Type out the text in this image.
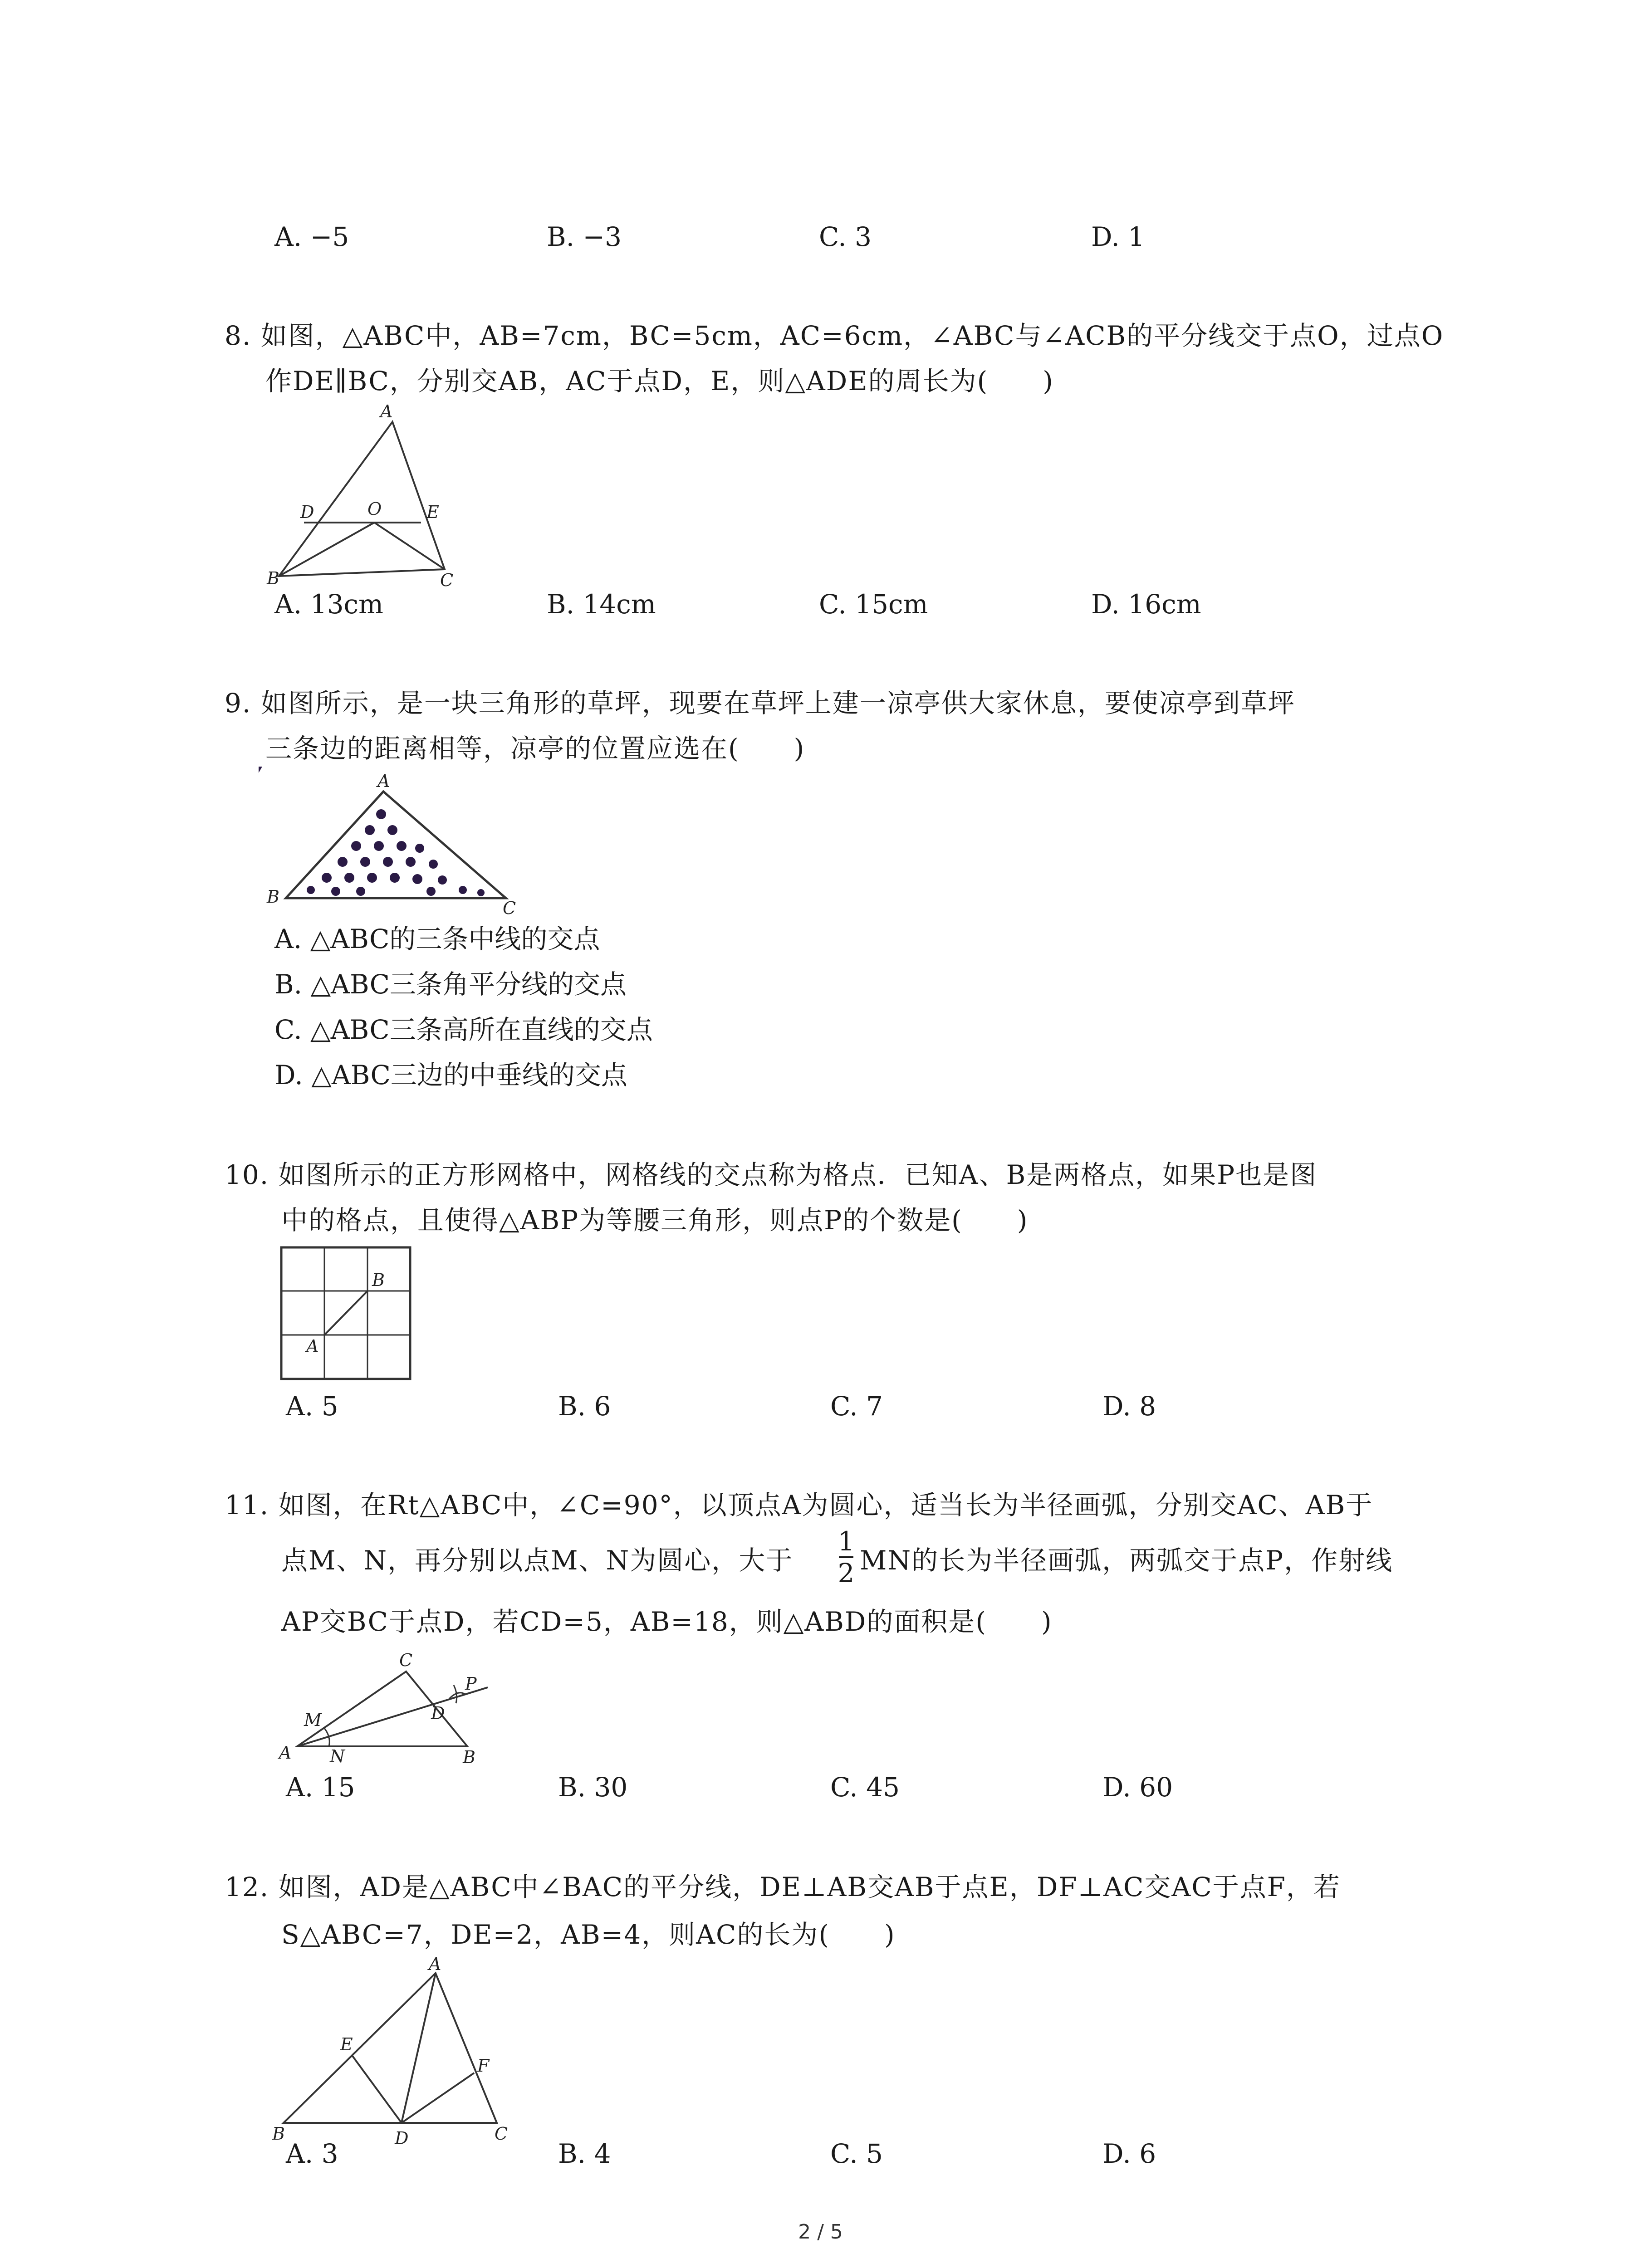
A. −5	B. −3	C. 3	D. 1
8. 如图，△ABC中，AB=7cm，BC=5cm，AC=6cm，∠ABC与∠ACB的平分线交于点O，过点O
作DE∥BC，分别交AB，AC于点D，E，则△ADE的周长为(　　)
A
B	C
D	E
O
A. 13cm	B. 14cm	C. 15cm	D. 16cm
9. 如图所示，是一块三角形的草坪，现要在草坪上建一凉亭供大家休息，要使凉亭到草坪
三条边的距离相等，凉亭的位置应选在(　　)
A
B
C
A. △ABC的三条中线的交点
B. △ABC三条角平分线的交点
C. △ABC三条高所在直线的交点
D. △ABC三边的中垂线的交点
10. 如图所示的正方形网格中，网格线的交点称为格点．已知A、B是两格点，如果P也是图
中的格点，且使得△ABP为等腰三角形，则点P的个数是(　　)
B
A
A. 5	B. 6	C. 7	D. 8
11. 如图，在Rt△ABC中，∠C=90°，以顶点A为圆心，适当长为半径画弧，分别交AC、AB于
点M、N，再分别以点M、N为圆心，大于
1
2 MN的长为半径画弧，两弧交于点P，作射线
AP交BC于点D，若CD=5，AB=18，则△ABD的面积是(　　)
C
A	B
D
M
N
P
A. 15	B. 30	C. 45	D. 60
12. 如图，AD是△ABC中∠BAC的平分线，DE⊥AB交AB于点E，DF⊥AC交AC于点F，若
S△ABC=7，DE=2，AB=4，则AC的长为(　　)
A
B	C
D
E
F
A. 3	B. 4	C. 5	D. 6
2 / 5
